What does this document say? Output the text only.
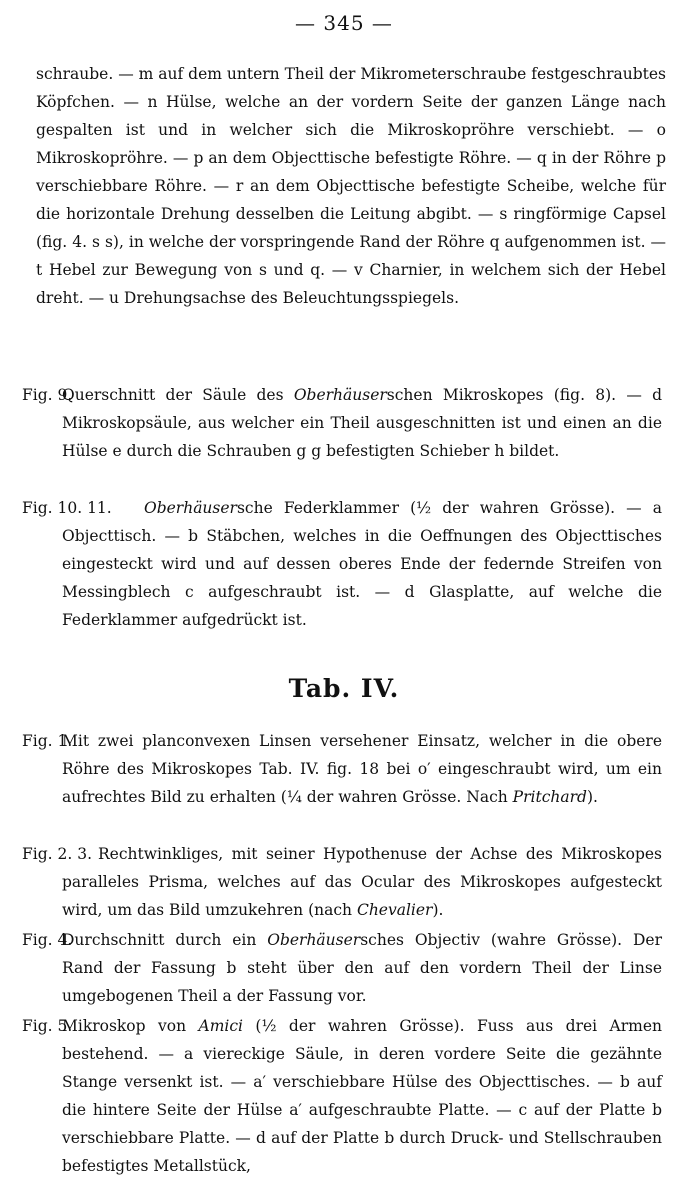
— 345 —

schraube. — m auf dem untern Theil der Mikrometerschraube festgeschraubtes Köpfchen. — n Hülse, welche an der vordern Seite der ganzen Länge nach gespalten ist und in welcher sich die Mikroskopröhre verschiebt. — o Mikroskopröhre. — p an dem Objecttische befestigte Röhre. — q in der Röhre p verschiebbare Röhre. — r an dem Objecttische befestigte Scheibe, welche für die horizontale Drehung desselben die Leitung abgibt. — s ringförmige Capsel (fig. 4. s s), in welche der vorspringende Rand der Röhre q aufgenommen ist. — t Hebel zur Bewegung von s und q. — v Charnier, in welchem sich der Hebel dreht. — u Drehungsachse des Beleuchtungsspiegels.

Fig. 9.
Querschnitt der Säule des Oberhäuserschen Mikroskopes (fig. 8). — d Mikroskopsäule, aus welcher ein Theil ausgeschnitten ist und einen an die Hülse e durch die Schrauben g g befestigten Schieber h bildet.
Fig. 10. 11.	Oberhäusersche Federklammer (½ der wahren Grösse). — a Objecttisch. — b Stäbchen, welches in die Oeffnungen des Objecttisches eingesteckt wird und auf dessen oberes Ende der federnde Streifen von Messingblech c aufgeschraubt ist. — d Glasplatte, auf welche die Federklammer aufgedrückt ist.
Tab. IV.
Fig. 1.
Mit zwei planconvexen Linsen versehener Einsatz, welcher in die obere Röhre des Mikroskopes Tab. IV. fig. 18 bei o′ eingeschraubt wird, um ein aufrechtes Bild zu erhalten (¼ der wahren Grösse. Nach Pritchard).
Fig. 2. 3. Rechtwinkliges, mit seiner Hypothenuse der Achse des Mikroskopes paralleles Prisma, welches auf das Ocular des Mikroskopes aufgesteckt wird, um das Bild umzukehren (nach Chevalier).
Fig. 4.
Durchschnitt durch ein Oberhäusersches Objectiv (wahre Grösse). Der Rand der Fassung b steht über den auf den vordern Theil der Linse umgebogenen Theil a der Fassung vor.
Fig. 5.
Mikroskop von Amici (½ der wahren Grösse). Fuss aus drei Armen bestehend. — a viereckige Säule, in deren vordere Seite die gezähnte Stange versenkt ist. — a′ verschiebbare Hülse des Objecttisches. — b auf die hintere Seite der Hülse a′ aufgeschraubte Platte. — c auf der Platte b verschiebbare Platte. — d auf der Platte b durch Druck- und Stellschrauben befestigtes Metallstück,
